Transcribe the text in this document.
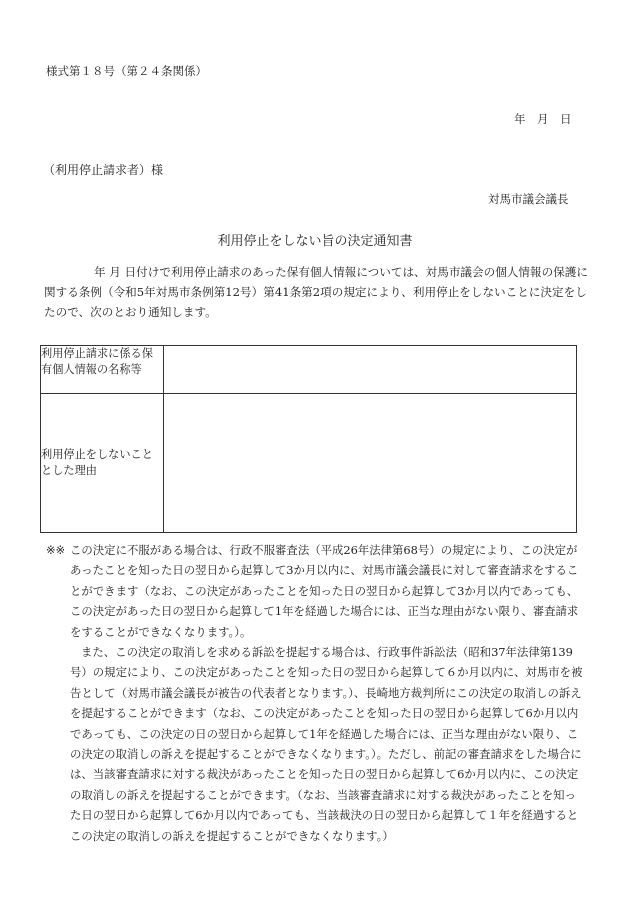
様式第１８号（第２４条関係）
年　月　日
（利用停止請求者）様
対馬市議会議長
利用停止をしない旨の決定通知書
年 月 日付けで利用停止請求のあった保有個人情報については、対馬市議会の個人情報の保護に関する条例（令和5年対馬市条例第12号）第41条第2項の規定により、利用停止をしないことに決定をしたので、次のとおり通知します。
利用停止請求に係る保有個人情報の名称等	
利用停止をしないこととした理由	

※※ この決定に不服がある場合は、行政不服審査法（平成26年法律第68号）の規定により、この決定があったことを知った日の翌日から起算して3か月以内に、対馬市議会議長に対して審査請求をすることができます（なお、この決定があったことを知った日の翌日から起算して3か月以内であっても、この決定があった日の翌日から起算して1年を経過した場合には、正当な理由がない限り、審査請求をすることができなくなります。）。

また、この決定の取消しを求める訴訟を提起する場合は、行政事件訴訟法（昭和37年法律第139号）の規定により、この決定があったことを知った日の翌日から起算して６か月以内に、対馬市を被告として（対馬市議会議長が被告の代表者となります。）、長崎地方裁判所にこの決定の取消しの訴えを提起することができます（なお、この決定があったことを知った日の翌日から起算して6か月以内であっても、この決定の日の翌日から起算して1年を経過した場合には、正当な理由がない限り、この決定の取消しの訴えを提起することができなくなります。）。ただし、前記の審査請求をした場合には、当該審査請求に対する裁決があったことを知った日の翌日から起算して6か月以内に、この決定の取消しの訴えを提起することができます。（なお、当該審査請求に対する裁決があったことを知った日の翌日から起算して6か月以内であっても、当該裁決の日の翌日から起算して１年を経過するとこの決定の取消しの訴えを提起することができなくなります。）
